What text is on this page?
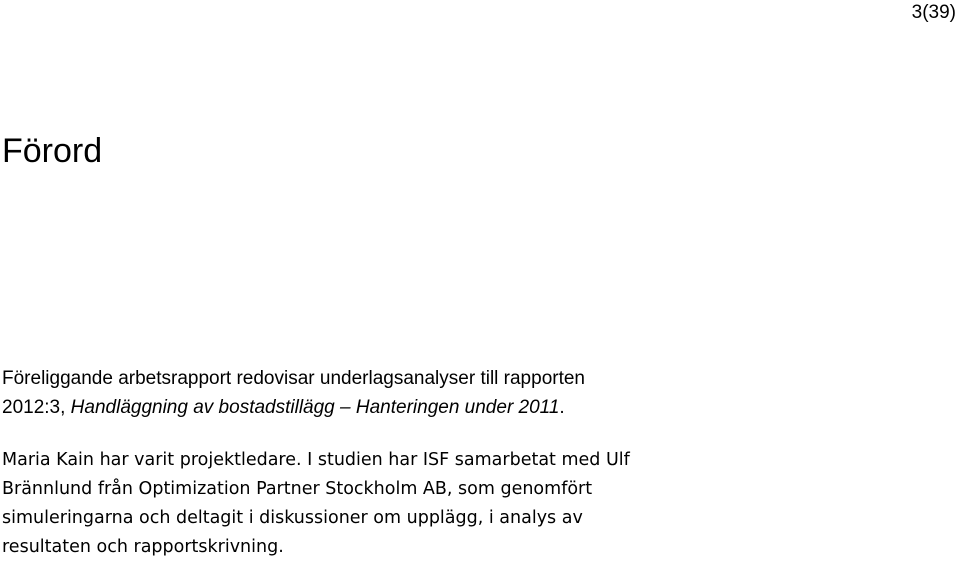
3(39)
Förord

Föreliggande arbetsrapport redovisar underlagsanalyser till rapporten
2012:3, Handläggning av bostadstillägg – Hanteringen under 2011.

Maria Kain har varit projektledare. I studien har ISF samarbetat med Ulf
Brännlund från Optimization Partner Stockholm AB, som genomfört
simuleringarna och deltagit i diskussioner om upplägg, i analys av
resultaten och rapportskrivning.
